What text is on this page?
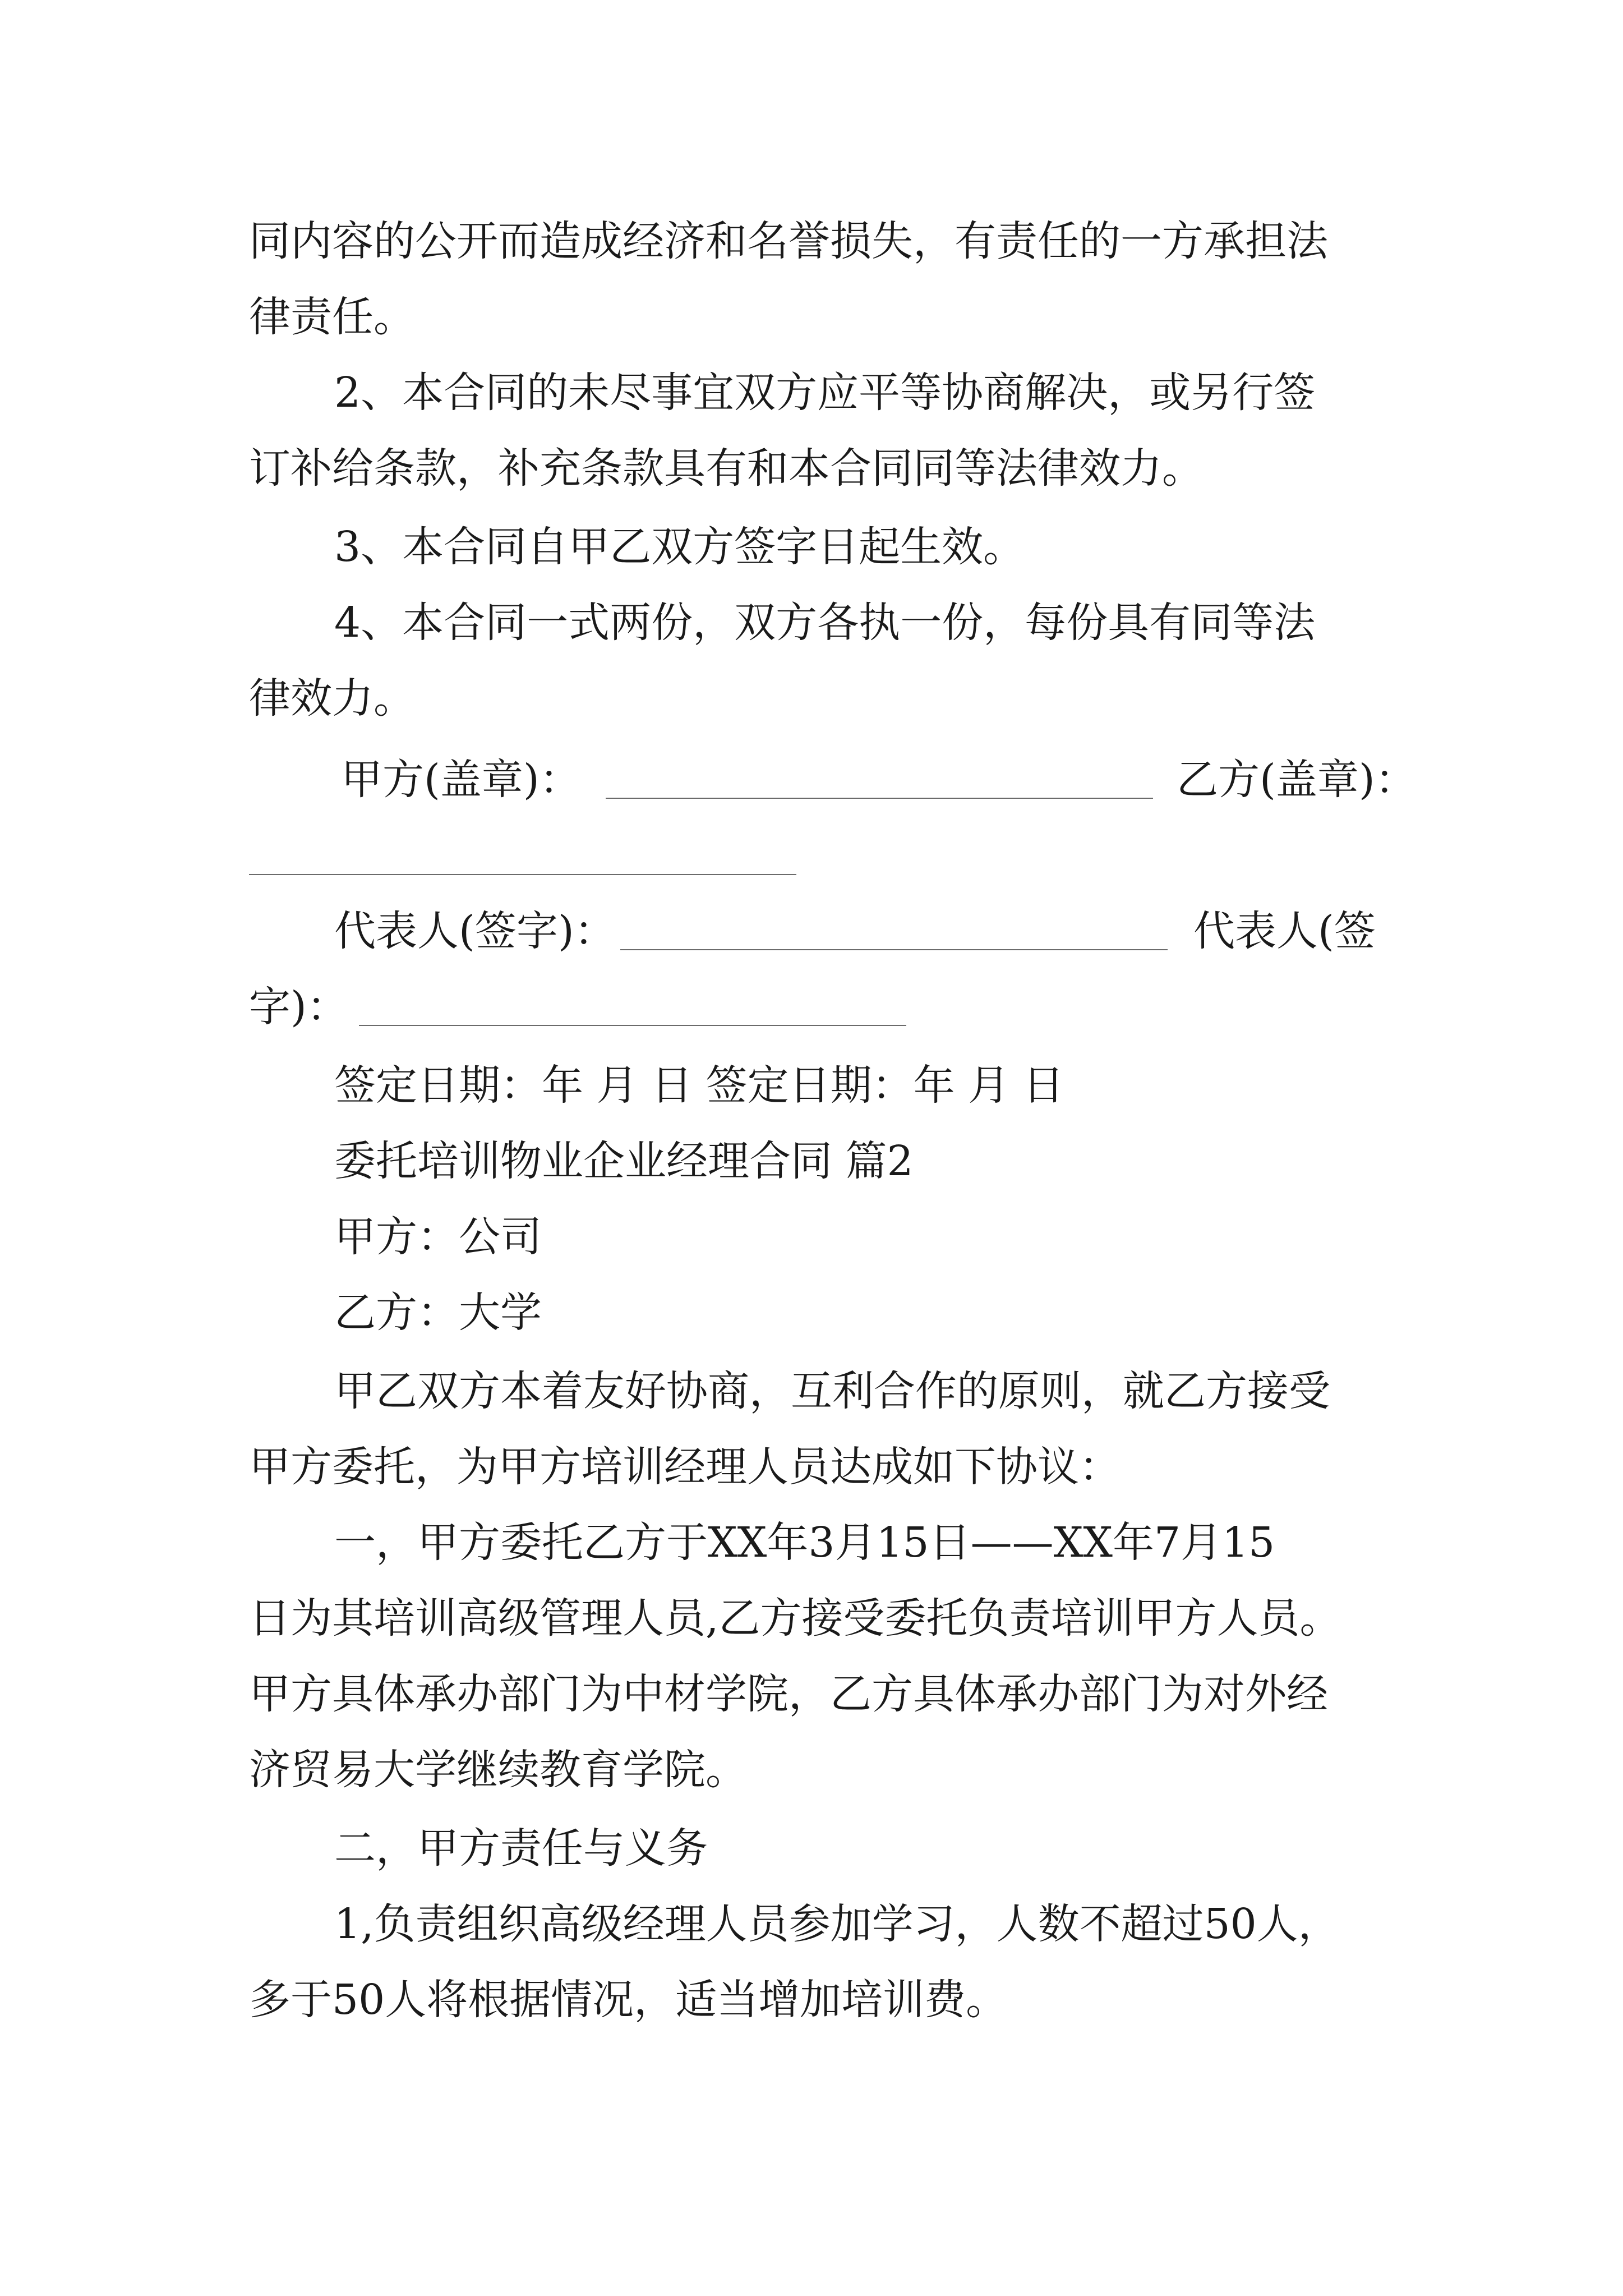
同内容的公开而造成经济和名誉损失，有责任的一方承担法
律责任。
2、本合同的未尽事宜双方应平等协商解决，或另行签
订补给条款，补充条款具有和本合同同等法律效力。
3、本合同自甲乙双方签字日起生效。
4、本合同一式两份，双方各执一份，每份具有同等法
律效力。
甲方(盖章)：	乙方(盖章)：
代表人(签字)：	代表人(签
字)：
签定日期：年 月 日 签定日期：年 月 日
委托培训物业企业经理合同 篇2
甲方：公司
乙方：大学
甲乙双方本着友好协商，互利合作的原则，就乙方接受
甲方委托，为甲方培训经理人员达成如下协议：
一，甲方委托乙方于XX年3月15日——XX年7月15
日为其培训高级管理人员,乙方接受委托负责培训甲方人员。
甲方具体承办部门为中材学院，乙方具体承办部门为对外经
济贸易大学继续教育学院。
二，甲方责任与义务
1,负责组织高级经理人员参加学习，人数不超过50人，
多于50人将根据情况，适当增加培训费。
